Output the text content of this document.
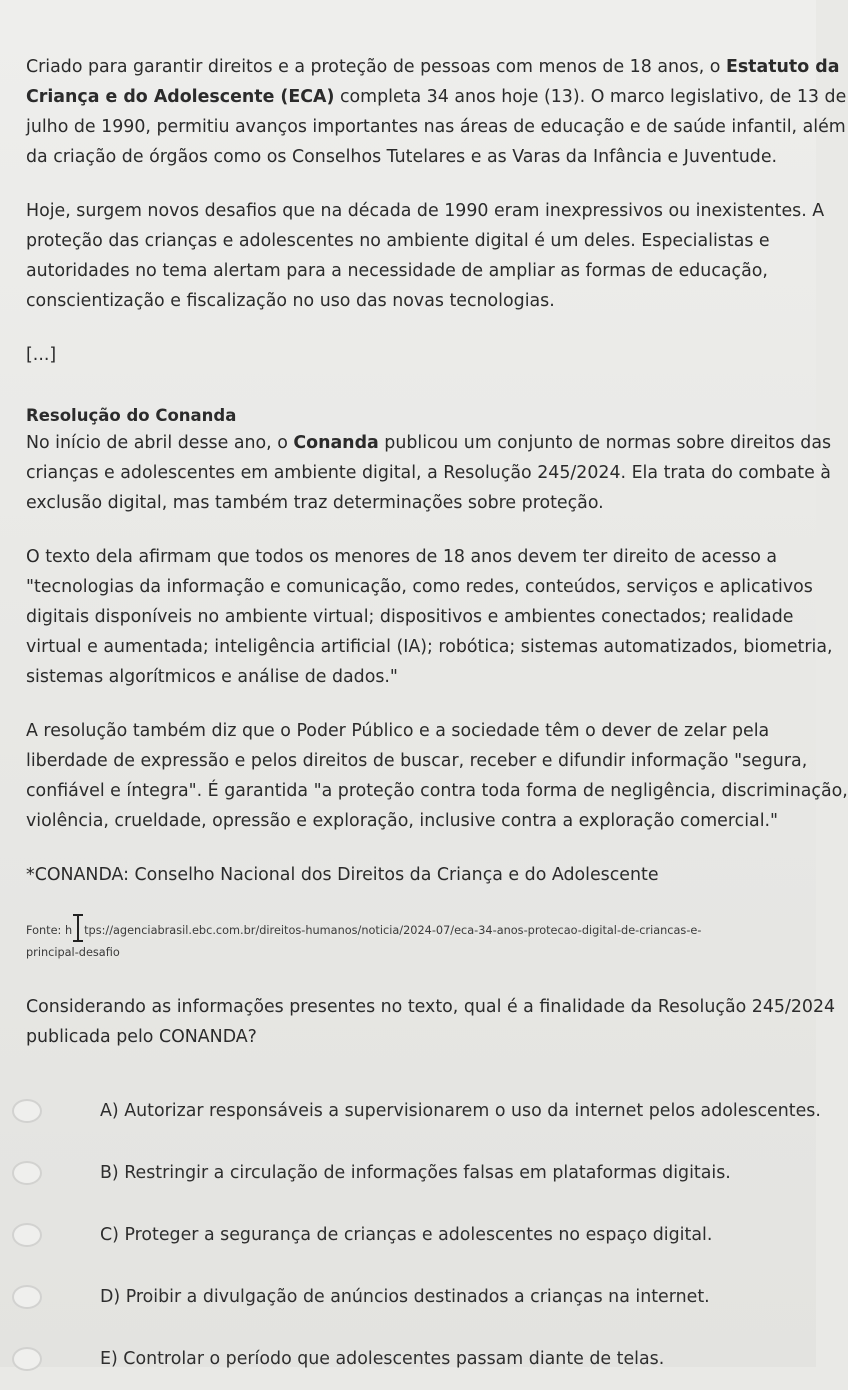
Criado para garantir direitos e a proteção de pessoas com menos de 18 anos, o Estatuto da

Criança e do Adolescente (ECA) completa 34 anos hoje (13). O marco legislativo, de 13 de

julho de 1990, permitiu avanços importantes nas áreas de educação e de saúde infantil, além

da criação de órgãos como os Conselhos Tutelares e as Varas da Infância e Juventude.

Hoje, surgem novos desafios que na década de 1990 eram inexpressivos ou inexistentes. A

proteção das crianças e adolescentes no ambiente digital é um deles. Especialistas e

autoridades no tema alertam para a necessidade de ampliar as formas de educação,

conscientização e fiscalização no uso das novas tecnologias.

[...]

Resolução do Conanda

No início de abril desse ano, o Conanda publicou um conjunto de normas sobre direitos das

crianças e adolescentes em ambiente digital, a Resolução 245/2024. Ela trata do combate à

exclusão digital, mas também traz determinações sobre proteção.

O texto dela afirmam que todos os menores de 18 anos devem ter direito de acesso a

"tecnologias da informação e comunicação, como redes, conteúdos, serviços e aplicativos

digitais disponíveis no ambiente virtual; dispositivos e ambientes conectados; realidade

virtual e aumentada; inteligência artificial (IA); robótica; sistemas automatizados, biometria,

sistemas algorítmicos e análise de dados."

A resolução também diz que o Poder Público e a sociedade têm o dever de zelar pela

liberdade de expressão e pelos direitos de buscar, receber e difundir informação "segura,

confiável e íntegra". É garantida "a proteção contra toda forma de negligência, discriminação,

violência, crueldade, opressão e exploração, inclusive contra a exploração comercial."

*CONANDA: Conselho Nacional dos Direitos da Criança e do Adolescente

Fonte: h tps://agenciabrasil.ebc.com.br/direitos-humanos/noticia/2024-07/eca-34-anos-protecao-digital-de-criancas-e-
principal-desafio

Considerando as informações presentes no texto, qual é a finalidade da Resolução 245/2024

publicada pelo CONANDA?

A) Autorizar responsáveis a supervisionarem o uso da internet pelos adolescentes.
B) Restringir a circulação de informações falsas em plataformas digitais.
C) Proteger a segurança de crianças e adolescentes no espaço digital.
D) Proibir a divulgação de anúncios destinados a crianças na internet.
E) Controlar o período que adolescentes passam diante de telas.
